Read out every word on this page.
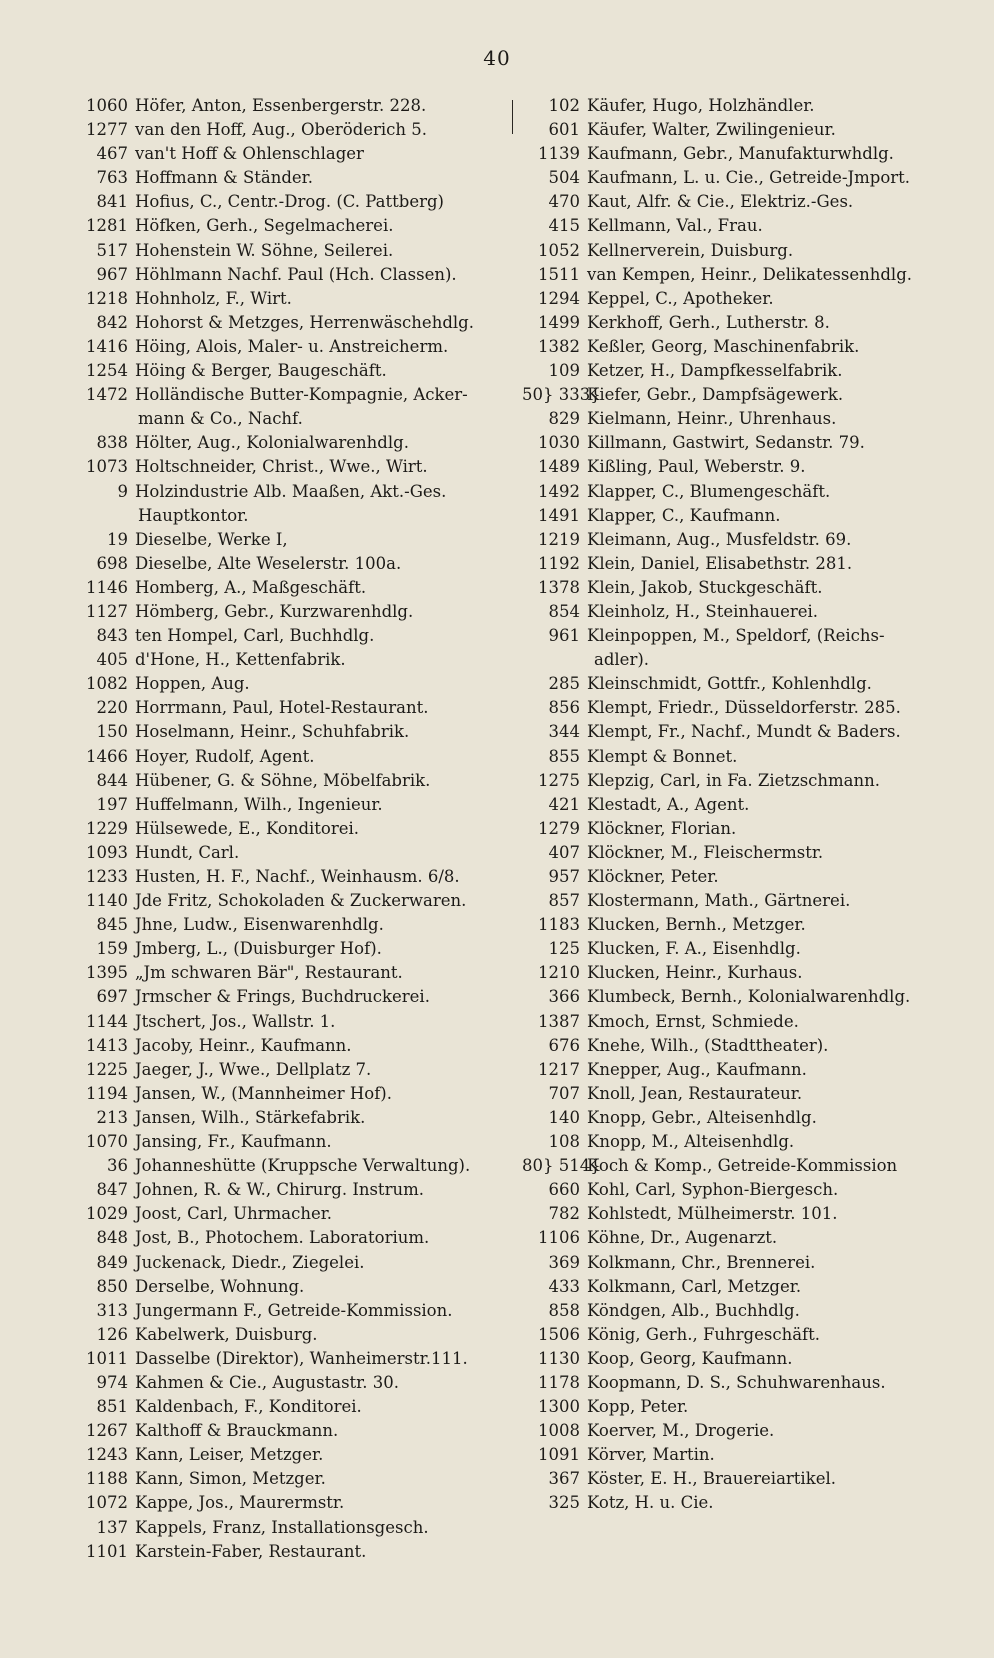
40
1060 Höfer, Anton, Essenbergerstr. 228.
1277 van den Hoff, Aug., Oberöderich 5.
467 van't Hoff & Ohlenschlager
763 Hoffmann & Ständer.
841 Hofius, C., Centr.-Drog. (C. Pattberg)
1281 Höfken, Gerh., Segelmacherei.
517 Hohenstein W. Söhne, Seilerei.
967 Höhlmann Nachf. Paul (Hch. Classen).
1218 Hohnholz, F., Wirt.
842 Hohorst & Metzges, Herrenwäschehdlg.
1416 Höing, Alois, Maler- u. Anstreicherm.
1254 Höing & Berger, Baugeschäft.
1472 Holländische Butter-Kompagnie, Acker-
mann & Co., Nachf.
838 Hölter, Aug., Kolonialwarenhdlg.
1073 Holtschneider, Christ., Wwe., Wirt.
9 Holzindustrie Alb. Maaßen, Akt.-Ges.
Hauptkontor.
19 Dieselbe, Werke I,
698 Dieselbe, Alte Weselerstr. 100a.
1146 Homberg, A., Maßgeschäft.
1127 Hömberg, Gebr., Kurzwarenhdlg.
843 ten Hompel, Carl, Buchhdlg.
405 d'Hone, H., Kettenfabrik.
1082 Hoppen, Aug.
220 Horrmann, Paul, Hotel-Restaurant.
150 Hoselmann, Heinr., Schuhfabrik.
1466 Hoyer, Rudolf, Agent.
844 Hübener, G. & Söhne, Möbelfabrik.
197 Huffelmann, Wilh., Ingenieur.
1229 Hülsewede, E., Konditorei.
1093 Hundt, Carl.
1233 Husten, H. F., Nachf., Weinhausm. 6/8.
1140 Jde Fritz, Schokoladen & Zuckerwaren.
845 Jhne, Ludw., Eisenwarenhdlg.
159 Jmberg, L., (Duisburger Hof).
1395 „Jm schwaren Bär", Restaurant.
697 Jrmscher & Frings, Buchdruckerei.
1144 Jtschert, Jos., Wallstr. 1.
1413 Jacoby, Heinr., Kaufmann.
1225 Jaeger, J., Wwe., Dellplatz 7.
1194 Jansen, W., (Mannheimer Hof).
213 Jansen, Wilh., Stärkefabrik.
1070 Jansing, Fr., Kaufmann.
36 Johanneshütte (Kruppsche Verwaltung).
847 Johnen, R. & W., Chirurg. Instrum.
1029 Joost, Carl, Uhrmacher.
848 Jost, B., Photochem. Laboratorium.
849 Juckenack, Diedr., Ziegelei.
850 Derselbe, Wohnung.
313 Jungermann F., Getreide-Kommission.
126 Kabelwerk, Duisburg.
1011 Dasselbe (Direktor), Wanheimerstr.111.
974 Kahmen & Cie., Augustastr. 30.
851 Kaldenbach, F., Konditorei.
1267 Kalthoff & Brauckmann.
1243 Kann, Leiser, Metzger.
1188 Kann, Simon, Metzger.
1072 Kappe, Jos., Maurermstr.
137 Kappels, Franz, Installationsgesch.
1101 Karstein-Faber, Restaurant.
102 Käufer, Hugo, Holzhändler.
601 Käufer, Walter, Zwilingenieur.
1139 Kaufmann, Gebr., Manufakturwhdlg.
504 Kaufmann, L. u. Cie., Getreide-Jmport.
470 Kaut, Alfr. & Cie., Elektriz.-Ges.
415 Kellmann, Val., Frau.
1052 Kellnerverein, Duisburg.
1511 van Kempen, Heinr., Delikatessenhdlg.
1294 Keppel, C., Apotheker.
1499 Kerkhoff, Gerh., Lutherstr. 8.
1382 Keßler, Georg, Maschinenfabrik.
109 Ketzer, H., Dampfkesselfabrik.
50} 333}
Kiefer, Gebr., Dampfsägewerk.
829 Kielmann, Heinr., Uhrenhaus.
1030 Killmann, Gastwirt, Sedanstr. 79.
1489 Kißling, Paul, Weberstr. 9.
1492 Klapper, C., Blumengeschäft.
1491 Klapper, C., Kaufmann.
1219 Kleimann, Aug., Musfeldstr. 69.
1192 Klein, Daniel, Elisabethstr. 281.
1378 Klein, Jakob, Stuckgeschäft.
854 Kleinholz, H., Steinhauerei.
961 Kleinpoppen, M., Speldorf, (Reichs-
adler).
285 Kleinschmidt, Gottfr., Kohlenhdlg.
856 Klempt, Friedr., Düsseldorferstr. 285.
344 Klempt, Fr., Nachf., Mundt & Baders.
855 Klempt & Bonnet.
1275 Klepzig, Carl, in Fa. Zietzschmann.
421 Klestadt, A., Agent.
1279 Klöckner, Florian.
407 Klöckner, M., Fleischermstr.
957 Klöckner, Peter.
857 Klostermann, Math., Gärtnerei.
1183 Klucken, Bernh., Metzger.
125 Klucken, F. A., Eisenhdlg.
1210 Klucken, Heinr., Kurhaus.
366 Klumbeck, Bernh., Kolonialwarenhdlg.
1387 Kmoch, Ernst, Schmiede.
676 Knehe, Wilh., (Stadttheater).
1217 Knepper, Aug., Kaufmann.
707 Knoll, Jean, Restaurateur.
140 Knopp, Gebr., Alteisenhdlg.
108 Knopp, M., Alteisenhdlg.
80} 514}
Koch & Komp., Getreide-Kommission
660 Kohl, Carl, Syphon-Biergesch.
782 Kohlstedt, Mülheimerstr. 101.
1106 Köhne, Dr., Augenarzt.
369 Kolkmann, Chr., Brennerei.
433 Kolkmann, Carl, Metzger.
858 Köndgen, Alb., Buchhdlg.
1506 König, Gerh., Fuhrgeschäft.
1130 Koop, Georg, Kaufmann.
1178 Koopmann, D. S., Schuhwarenhaus.
1300 Kopp, Peter.
1008 Koerver, M., Drogerie.
1091 Körver, Martin.
367 Köster, E. H., Brauereiartikel.
325 Kotz, H. u. Cie.
